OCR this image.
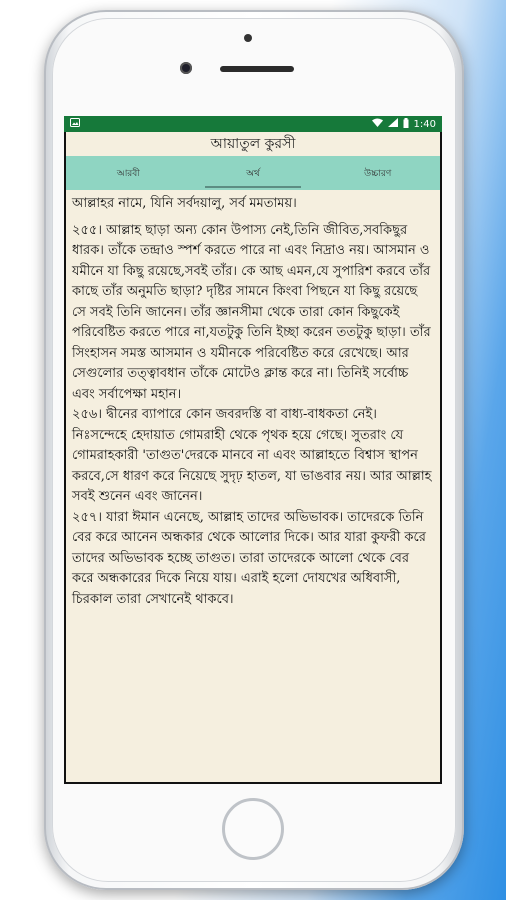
1:40
আয়াতুল কুরসী
আরবী	অর্থ	উচ্চারণ

আল্লাহর নামে, যিনি সর্বদয়ালু, সর্ব মমতাময়।

২৫৫। আল্লাহ ছাড়া অন্য কোন উপাস্য নেই,তিনি জীবিত,সবকিছুর ধারক। তাঁকে তন্দ্রাও স্পর্শ করতে পারে না এবং নিদ্রাও নয়। আসমান ও যমীনে যা কিছু রয়েছে,সবই তাঁর। কে আছ এমন,যে সুপারিশ করবে তাঁর কাছে তাঁর অনুমতি ছাড়া? দৃষ্টির সামনে কিংবা পিছনে যা কিছু রয়েছে সে সবই তিনি জানেন। তাঁর জ্ঞানসীমা থেকে তারা কোন কিছুকেই পরিবেষ্টিত করতে পারে না,যতটুকু তিনি ইচ্ছা করেন ততটুকু ছাড়া। তাঁর সিংহাসন সমস্ত আসমান ও যমীনকে পরিবেষ্টিত করে রেখেছে। আর সেগুলোর তত্ত্বাবধান তাঁকে মোটেও ক্লান্ত করে না। তিনিই সর্বোচ্চ এবং সর্বাপেক্ষা মহান।

২৫৬। দ্বীনের ব্যাপারে কোন জবরদস্তি বা বাধ্য-বাধকতা নেই। নিঃসন্দেহে হেদায়াত গোমরাহী থেকে পৃথক হয়ে গেছে। সুতরাং যে গোমরাহকারী 'তাগুত'দেরকে মানবে না এবং আল্লাহতে বিশ্বাস স্থাপন করবে,সে ধারণ করে নিয়েছে সুদৃঢ় হাতল, যা ভাঙবার নয়। আর আল্লাহ সবই শুনেন এবং জানেন।

২৫৭। যারা ঈমান এনেছে, আল্লাহ তাদের অভিভাবক। তাদেরকে তিনি বের করে আনেন অন্ধকার থেকে আলোর দিকে। আর যারা কুফরী করে তাদের অভিভাবক হচ্ছে তাগুত। তারা তাদেরকে আলো থেকে বের করে অন্ধকারের দিকে নিয়ে যায়। এরাই হলো দোযখের অধিবাসী, চিরকাল তারা সেখানেই থাকবে।
